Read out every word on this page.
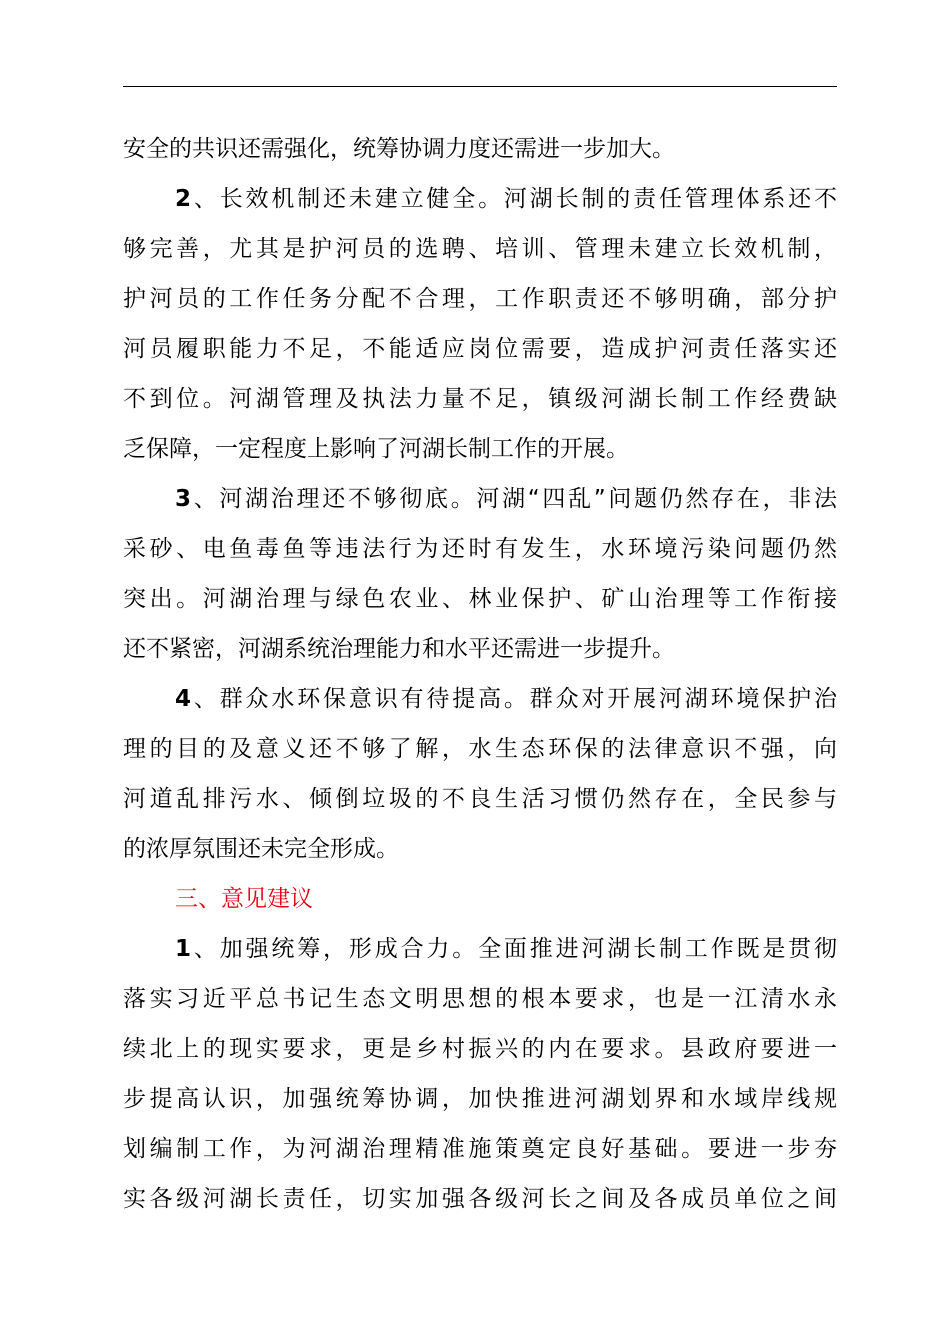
安全的共识还需强化，统筹协调力度还需进一步加大。
2、长效机制还未建立健全。河湖长制的责任管理体系还不
够完善，尤其是护河员的选聘、培训、管理未建立长效机制，
护河员的工作任务分配不合理，工作职责还不够明确，部分护
河员履职能力不足，不能适应岗位需要，造成护河责任落实还
不到位。河湖管理及执法力量不足，镇级河湖长制工作经费缺
乏保障，一定程度上影响了河湖长制工作的开展。
3、河湖治理还不够彻底。河湖“四乱”问题仍然存在，非法
采砂、电鱼毒鱼等违法行为还时有发生，水环境污染问题仍然
突出。河湖治理与绿色农业、林业保护、矿山治理等工作衔接
还不紧密，河湖系统治理能力和水平还需进一步提升。
4、群众水环保意识有待提高。群众对开展河湖环境保护治
理的目的及意义还不够了解，水生态环保的法律意识不强，向
河道乱排污水、倾倒垃圾的不良生活习惯仍然存在，全民参与
的浓厚氛围还未完全形成。
三、意见建议
1、加强统筹，形成合力。全面推进河湖长制工作既是贯彻
落实习近平总书记生态文明思想的根本要求，也是一江清水永
续北上的现实要求，更是乡村振兴的内在要求。县政府要进一
步提高认识，加强统筹协调，加快推进河湖划界和水域岸线规
划编制工作，为河湖治理精准施策奠定良好基础。要进一步夯
实各级河湖长责任，切实加强各级河长之间及各成员单位之间
